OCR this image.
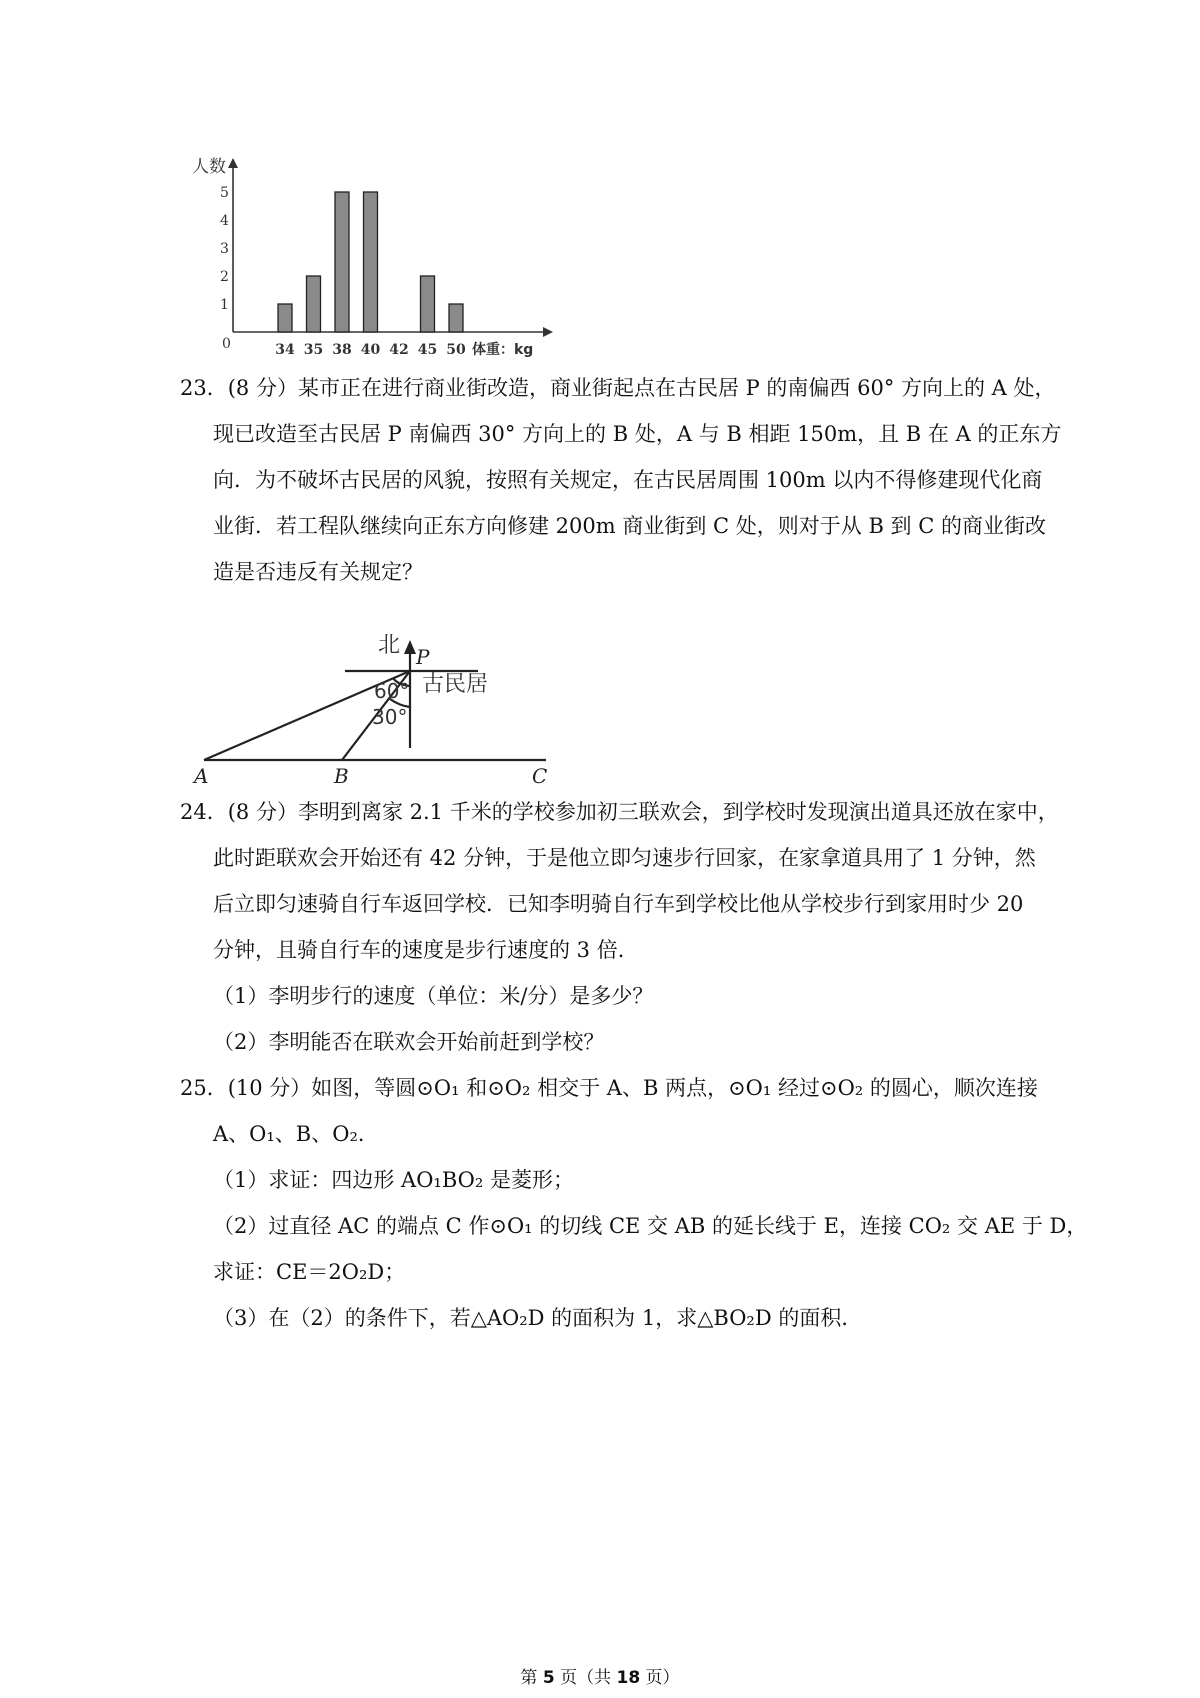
人数
0
1
2
3
4
5
34 35 38 40 42 45 50 体重：kg
23．(8 分）某市正在进行商业街改造，商业街起点在古民居 P 的南偏西 60° 方向上的 A 处，
现已改造至古民居 P 南偏西 30° 方向上的 B 处，A 与 B 相距 150m，且 B 在 A 的正东方
向．为不破坏古民居的风貌，按照有关规定，在古民居周围 100m 以内不得修建现代化商
业街．若工程队继续向正东方向修建 200m 商业街到 C 处，则对于从 B 到 C 的商业街改
造是否违反有关规定？
北 P
古民居
60°
30°
A	B	C
24．(8 分）李明到离家 2.1 千米的学校参加初三联欢会，到学校时发现演出道具还放在家中，
此时距联欢会开始还有 42 分钟，于是他立即匀速步行回家，在家拿道具用了 1 分钟，然
后立即匀速骑自行车返回学校．已知李明骑自行车到学校比他从学校步行到家用时少 20
分钟，且骑自行车的速度是步行速度的 3 倍．
（1）李明步行的速度（单位：米/分）是多少？
（2）李明能否在联欢会开始前赶到学校？
25．(10 分）如图，等圆⊙O₁ 和⊙O₂ 相交于 A、B 两点，⊙O₁ 经过⊙O₂ 的圆心，顺次连接
A、O₁、B、O₂．
（1）求证：四边形 AO₁BO₂ 是菱形；
（2）过直径 AC 的端点 C 作⊙O₁ 的切线 CE 交 AB 的延长线于 E，连接 CO₂ 交 AE 于 D，
求证：CE＝2O₂D；
（3）在（2）的条件下，若△AO₂D 的面积为 1，求△BO₂D 的面积．
第 5 页（共 18 页）
